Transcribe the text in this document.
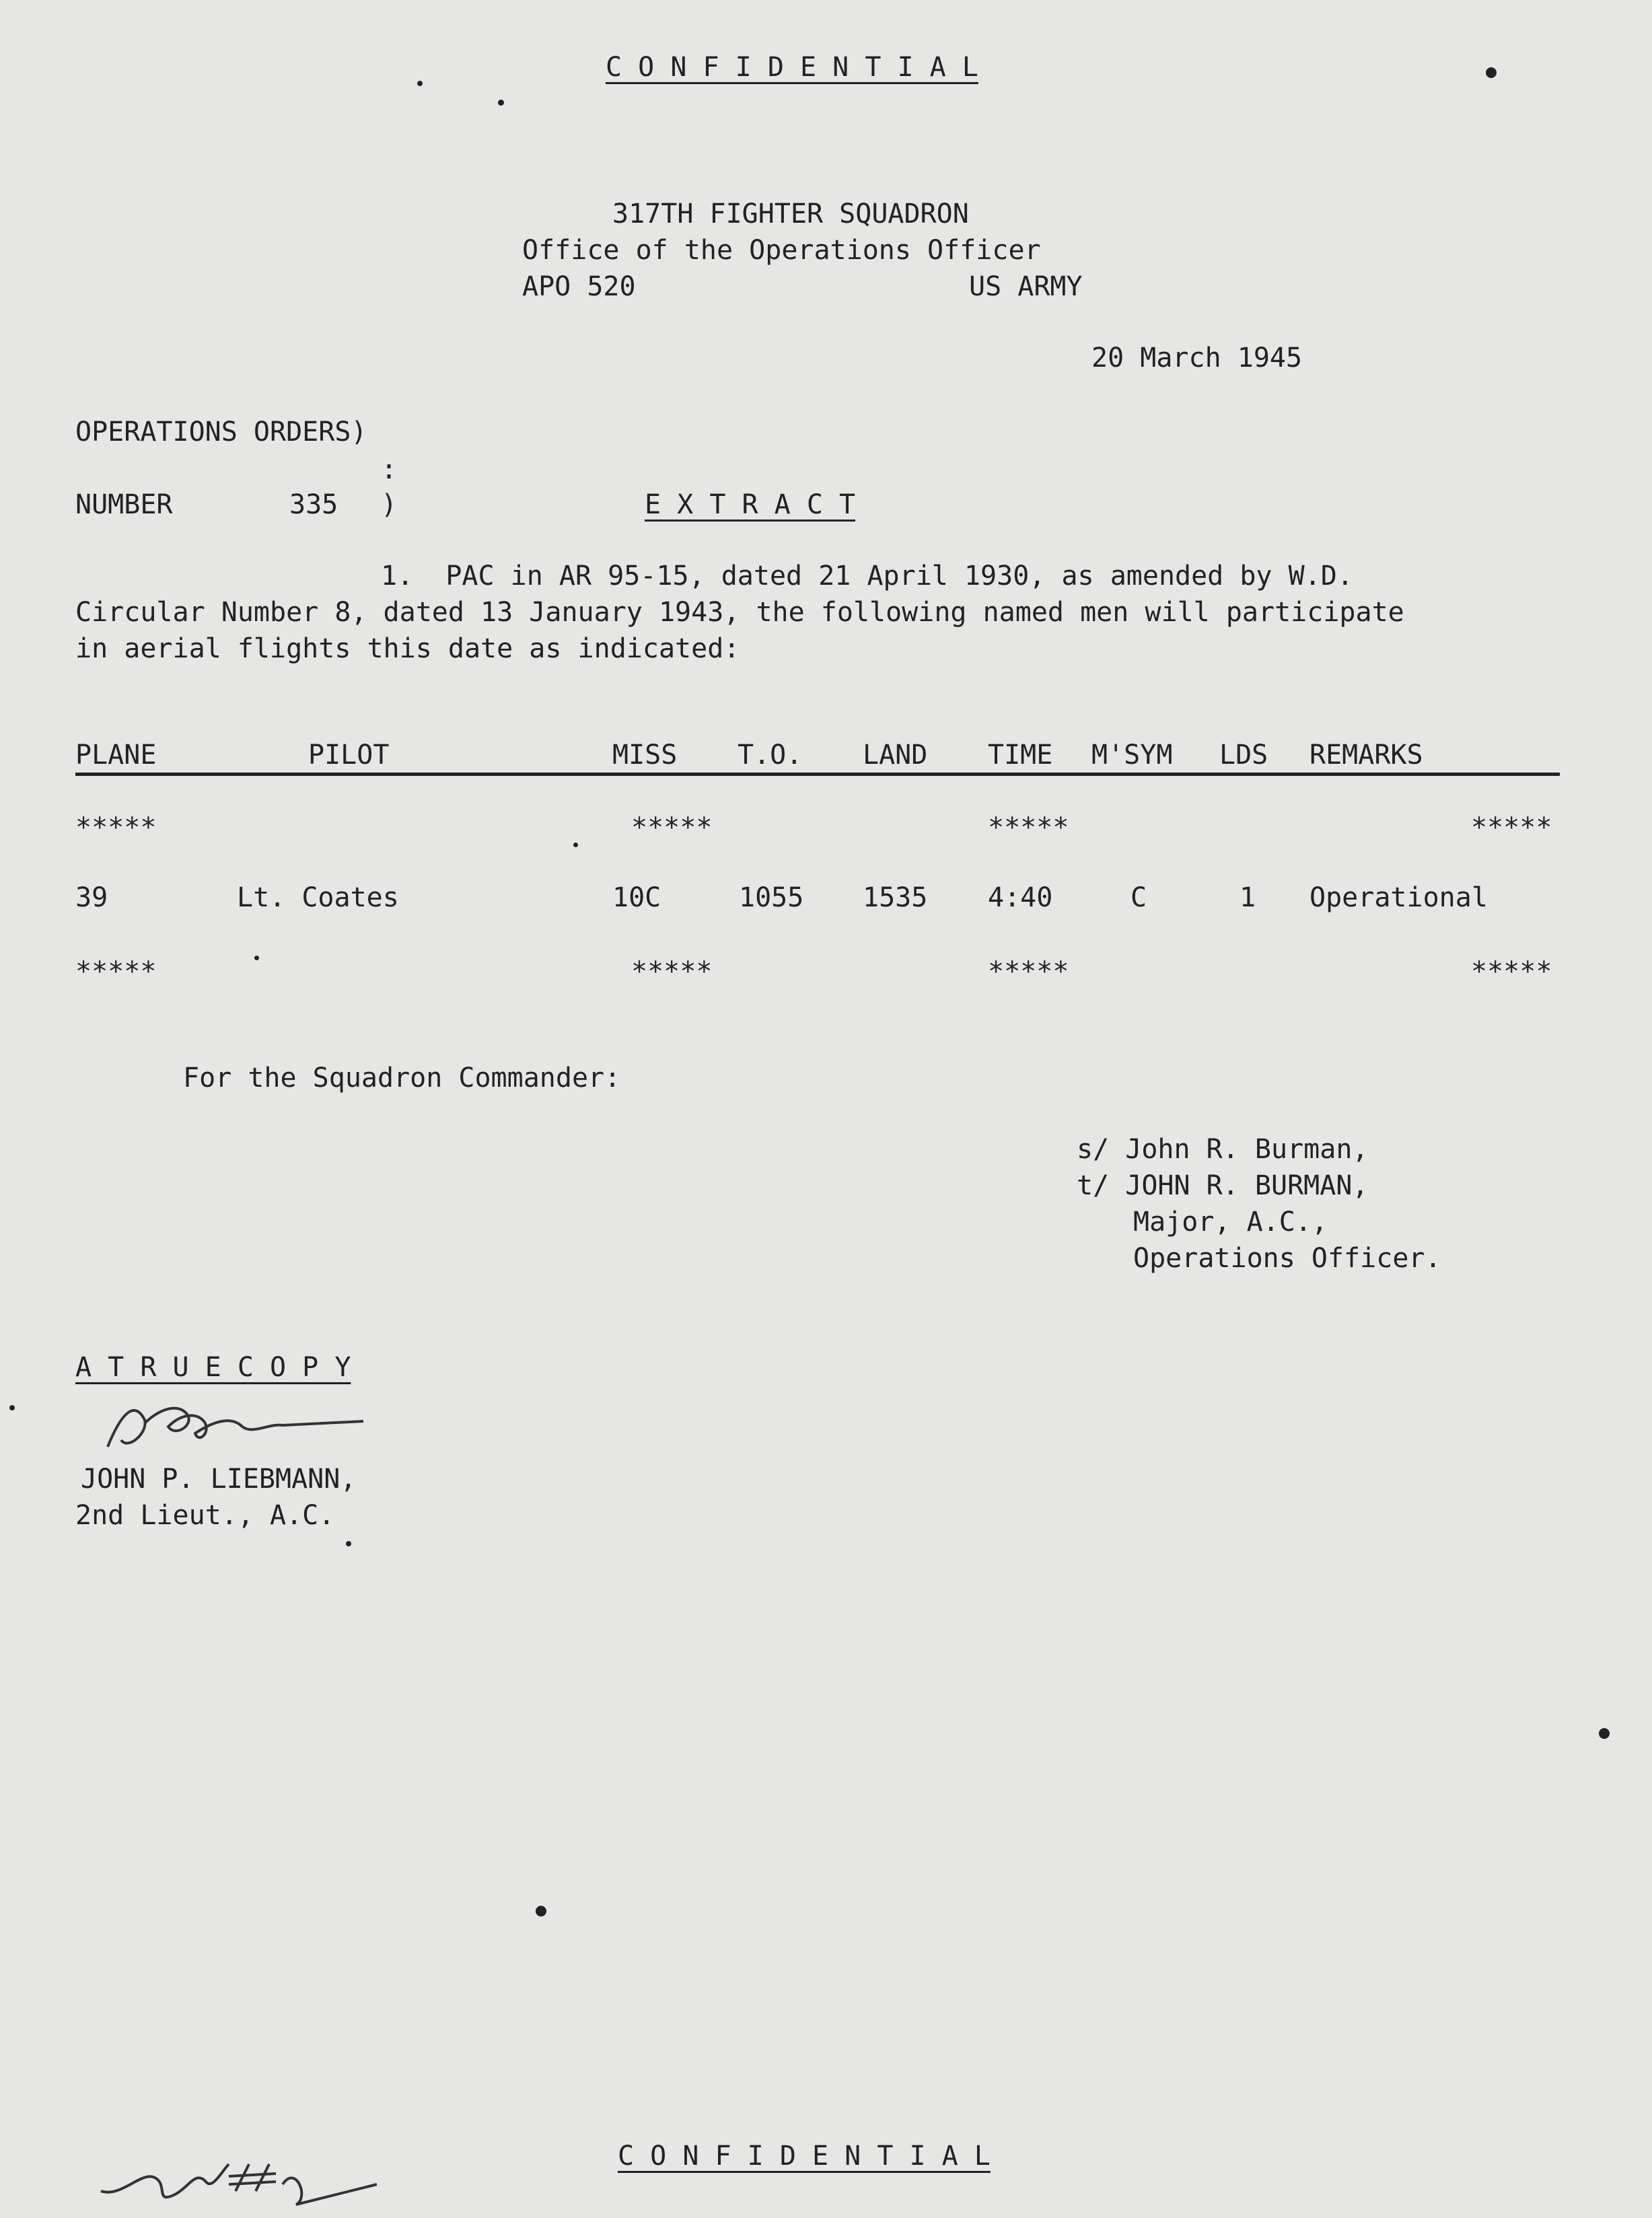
C O N F I D E N T I A L
317TH FIGHTER SQUADRON
Office of the Operations Officer
APO 520	US ARMY
20 March 1945
OPERATIONS ORDERS)
:
NUMBER	335 )	E X T R A C T
1.  PAC in AR 95-15, dated 21 April 1930, as amended by W.D.
Circular Number 8, dated 13 January 1943, the following named men will participate
in aerial flights this date as indicated:
PLANE	PILOT	MISS T.O. LAND TIME M'SYM LDS REMARKS
*****	*****	*****	*****
39	Lt. Coates	10C	1055 1535 4:40	C	1 Operational
*****	*****	*****	*****
For the Squadron Commander:
s/ John R. Burman,
t/ JOHN R. BURMAN,
Major, A.C.,
Operations Officer.
A T R U E C O P Y
JOHN P. LIEBMANN,
2nd Lieut., A.C.
C O N F I D E N T I A L
